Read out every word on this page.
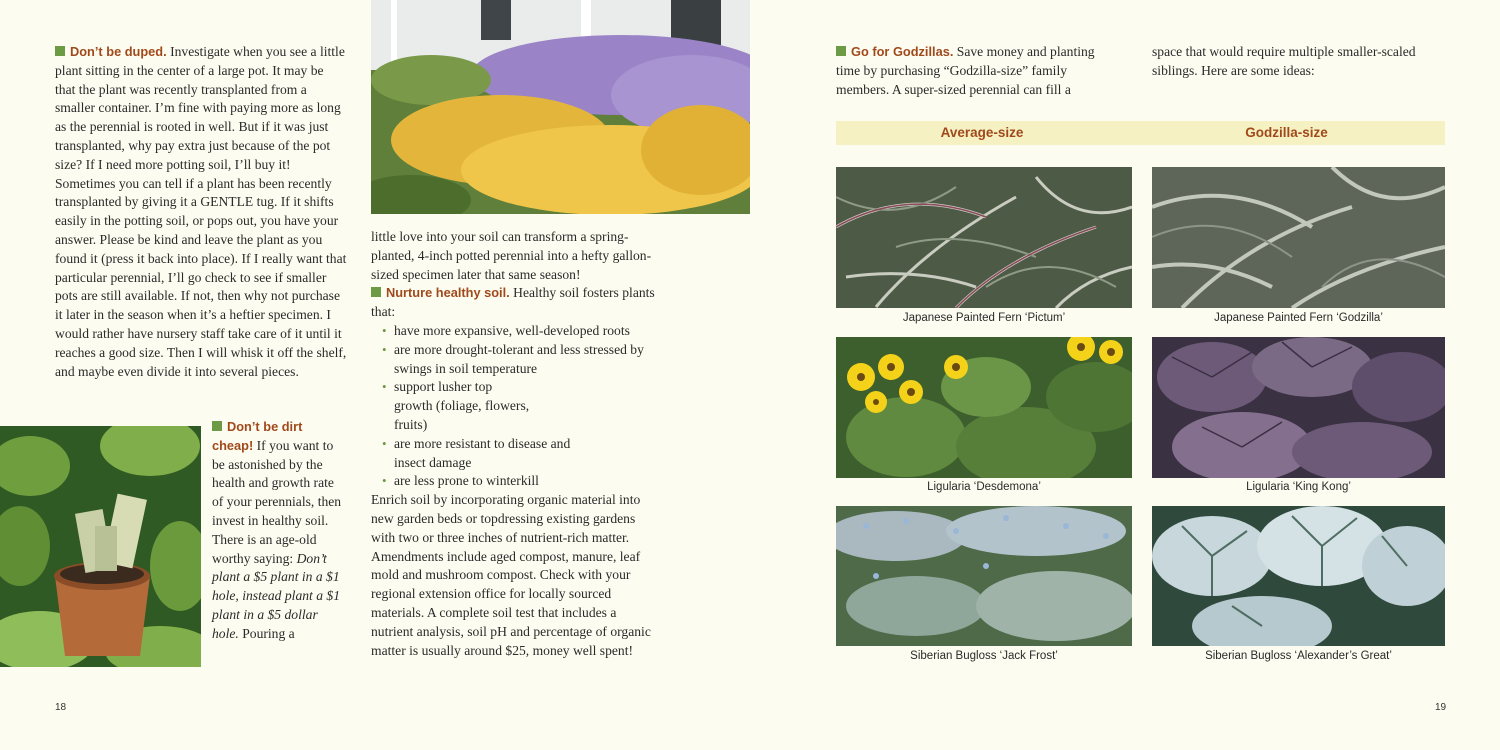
Don’t be duped. Investigate when you see a little plant sitting in the center of a large pot. It may be that the plant was recently transplanted from a smaller container. I’m fine with paying more as long as the perennial is rooted in well. But if it was just transplanted, why pay extra just because of the pot size? If I need more potting soil, I’ll buy it! Sometimes you can tell if a plant has been recently transplanted by giving it a GENTLE tug. If it shifts easily in the potting soil, or pops out, you have your answer. Please be kind and leave the plant as you found it (press it back into place). If I really want that particular perennial, I’ll go check to see if smaller pots are still available. If not, then why not purchase it later in the season when it’s a heftier specimen. I would rather have nursery staff take care of it until it reaches a good size. Then I will whisk it off the shelf, and maybe even divide it into several pieces.

Don’t be dirt cheap! If you want to be astonished by the health and growth rate of your perennials, then invest in healthy soil. There is an age-old worthy saying: Don’t plant a $5 plant in a $1 hole, instead plant a $1 plant in a $5 dollar hole. Pouring a

little love into your soil can transform a spring-planted, 4-inch potted perennial into a hefty gallon-sized specimen later that same season!

Nurture healthy soil. Healthy soil fosters plants that:

• have more expansive, well-developed roots
• are more drought-tolerant and less stressed by swings in soil temperature
• support lusher top growth (foliage, flowers, fruits)
• are more resistant to disease and insect damage
• are less prone to winterkill

Enrich soil by incorporating organic material into new garden beds or topdressing existing gardens with two or three inches of nutrient-rich matter. Amendments include aged compost, manure, leaf mold and mushroom compost. Check with your regional extension office for locally sourced materials. A complete soil test that includes a nutrient analysis, soil pH and percentage of organic matter is usually around $25, money well spent!

18

Go for Godzillas. Save money and planting time by purchasing “Godzilla-size” family members. A super-sized perennial can fill a

space that would require multiple smaller-scaled siblings. Here are some ideas:

Average-size	Godzilla-size
Japanese Painted Fern ‘Pictum’	Japanese Painted Fern ‘Godzilla’
Ligularia ‘Desdemona’	Ligularia ‘King Kong’
Siberian Bugloss ‘Jack Frost’	Siberian Bugloss ‘Alexander’s Great’
19
